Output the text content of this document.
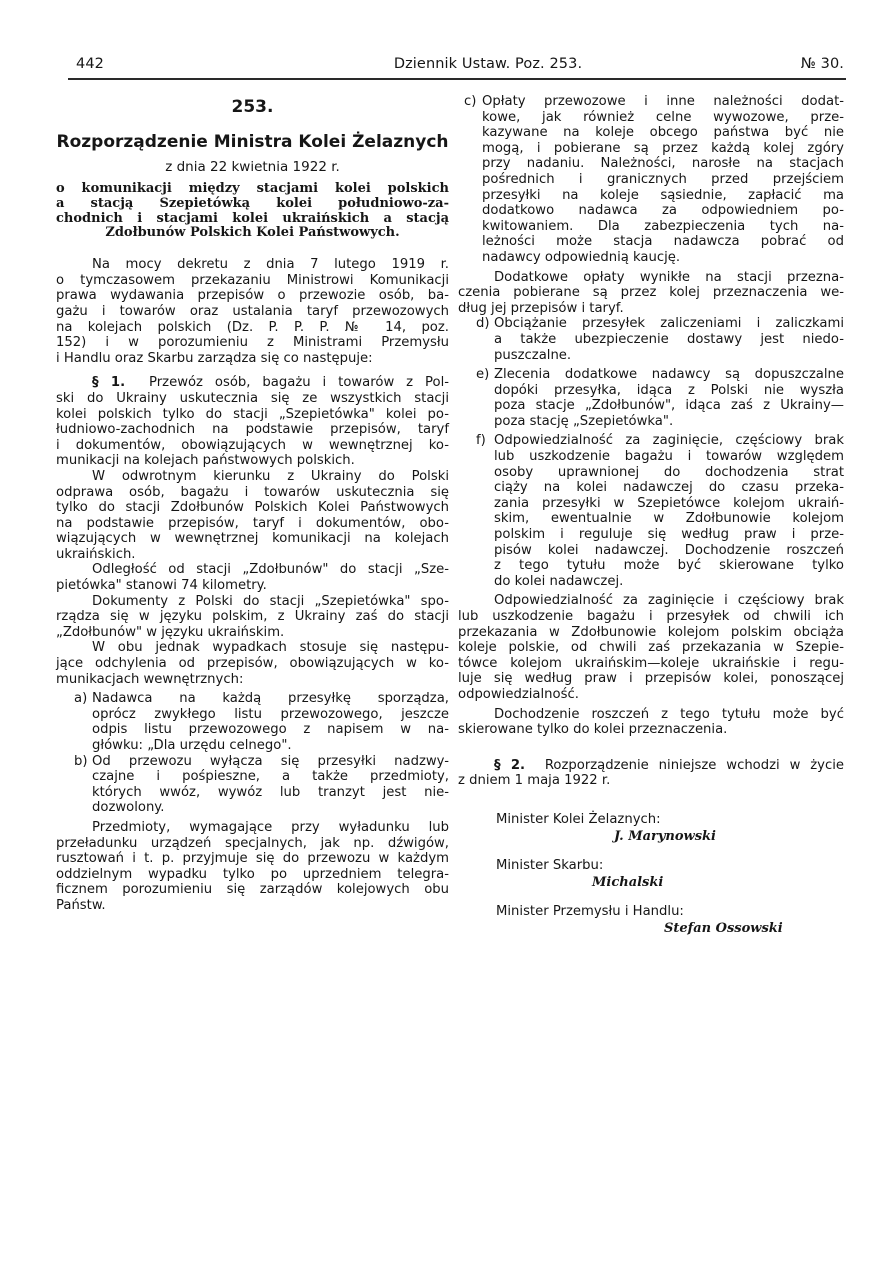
442	Dziennik Ustaw. Poz. 253.	№ 30.
253.
Rozporządzenie Ministra Kolei Żelaznych
z dnia 22 kwietnia 1922 r.
o komunikacji między stacjami kolei polskich
a stacją Szepietówką kolei południowo-za-
chodnich i stacjami kolei ukraińskich a stacją
Zdołbunów Polskich Kolei Państwowych.
Na mocy dekretu z dnia 7 lutego 1919 r.
o tymczasowem przekazaniu Ministrowi Komunikacji
prawa wydawania przepisów o przewozie osób, ba-
gażu i towarów oraz ustalania taryf przewozowych
na kolejach polskich (Dz. P. P. P. № 14, poz.
152) i w porozumieniu z Ministrami Przemysłu
i Handlu oraz Skarbu zarządza się co następuje:
§ 1. Przewóz osób, bagażu i towarów z Pol-
ski do Ukrainy uskutecznia się ze wszystkich stacji
kolei polskich tylko do stacji „Szepietówka" kolei po-
łudniowo-zachodnich na podstawie przepisów, taryf
i dokumentów, obowiązujących w wewnętrznej ko-
munikacji na kolejach państwowych polskich.
W odwrotnym kierunku z Ukrainy do Polski
odprawa osób, bagażu i towarów uskutecznia się
tylko do stacji Zdołbunów Polskich Kolei Państwowych
na podstawie przepisów, taryf i dokumentów, obo-
wiązujących w wewnętrznej komunikacji na kolejach
ukraińskich.
Odległość od stacji „Zdołbunów" do stacji „Sze-
pietówka" stanowi 74 kilometry.
Dokumenty z Polski do stacji „Szepietówka" spo-
rządza się w języku polskim, z Ukrainy zaś do stacji
„Zdołbunów" w języku ukraińskim.
W obu jednak wypadkach stosuje się następu-
jące odchylenia od przepisów, obowiązujących w ko-
munikacjach wewnętrznych:
a) Nadawca na każdą przesyłkę sporządza,
oprócz zwykłego listu przewozowego, jeszcze
odpis listu przewozowego z napisem w na-
główku: „Dla urzędu celnego".
b) Od przewozu wyłącza się przesyłki nadzwy-
czajne i pośpieszne, a także przedmioty,
których wwóz, wywóz lub tranzyt jest nie-
dozwolony.
Przedmioty, wymagające przy wyładunku lub
przeładunku urządzeń specjalnych, jak np. dźwigów,
rusztowań i t. p. przyjmuje się do przewozu w każdym
oddzielnym wypadku tylko po uprzedniem telegra-
ficznem porozumieniu się zarządów kolejowych obu
Państw.
c) Opłaty przewozowe i inne należności dodat-
kowe, jak również celne wywozowe, prze-
kazywane na koleje obcego państwa być nie
mogą, i pobierane są przez każdą kolej zgóry
przy nadaniu. Należności, narosłe na stacjach
pośrednich i granicznych przed przejściem
przesyłki na koleje sąsiednie, zapłacić ma
dodatkowo nadawca za odpowiedniem po-
kwitowaniem. Dla zabezpieczenia tych na-
leżności może stacja nadawcza pobrać od
nadawcy odpowiednią kaucję.
Dodatkowe opłaty wynikłe na stacji przezna-
czenia pobierane są przez kolej przeznaczenia we-
dług jej przepisów i taryf.
d) Obciążanie przesyłek zaliczeniami i zaliczkami
a także ubezpieczenie dostawy jest niedo-
puszczalne.
e) Zlecenia dodatkowe nadawcy są dopuszczalne
dopóki przesyłka, idąca z Polski nie wyszła
poza stacje „Zdołbunów", idąca zaś z Ukrainy—
poza stację „Szepietówka".
f) Odpowiedzialność za zaginięcie, częściowy brak
lub uszkodzenie bagażu i towarów względem
osoby uprawnionej do dochodzenia strat
ciąży na kolei nadawczej do czasu przeka-
zania przesyłki w Szepietówce kolejom ukraiń-
skim, ewentualnie w Zdołbunowie kolejom
polskim i reguluje się według praw i prze-
pisów kolei nadawczej. Dochodzenie roszczeń
z tego tytułu może być skierowane tylko
do kolei nadawczej.
Odpowiedzialność za zaginięcie i częściowy brak
lub uszkodzenie bagażu i przesyłek od chwili ich
przekazania w Zdołbunowie kolejom polskim obciąża
koleje polskie, od chwili zaś przekazania w Szepie-
tówce kolejom ukraińskim—koleje ukraińskie i regu-
luje się według praw i przepisów kolei, ponoszącej
odpowiedzialność.
Dochodzenie roszczeń z tego tytułu może być
skierowane tylko do kolei przeznaczenia.
§ 2. Rozporządzenie niniejsze wchodzi w życie
z dniem 1 maja 1922 r.
Minister Kolei Żelaznych:
J. Marynowski
Minister Skarbu:
Michalski
Minister Przemysłu i Handlu:
Stefan Ossowski
